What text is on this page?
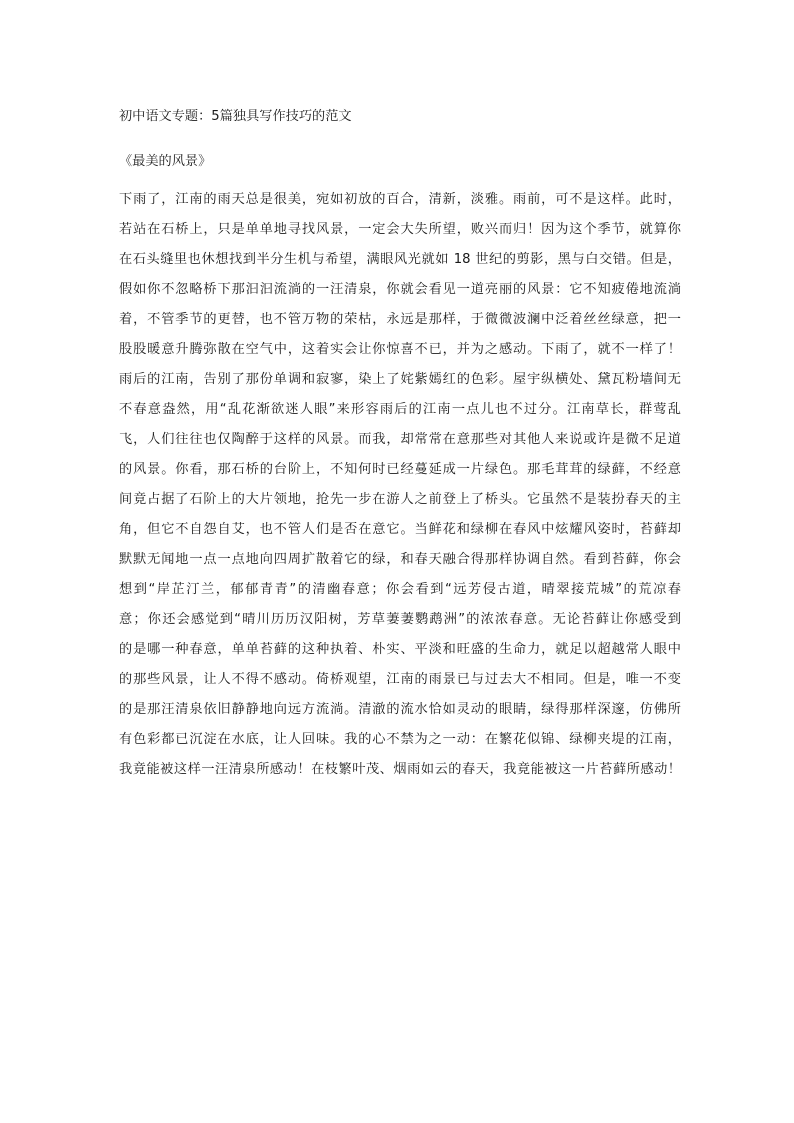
初中语文专题：5篇独具写作技巧的范文
《最美的风景》
下雨了，江南的雨天总是很美，宛如初放的百合，清新，淡雅。雨前，可不是这样。此时，
若站在石桥上，只是单单地寻找风景，一定会大失所望，败兴而归！因为这个季节，就算你
在石头缝里也休想找到半分生机与希望，满眼风光就如 18 世纪的剪影，黑与白交错。但是，
假如你不忽略桥下那汩汩流淌的一汪清泉，你就会看见一道亮丽的风景：它不知疲倦地流淌
着，不管季节的更替，也不管万物的荣枯，永远是那样，于微微波澜中泛着丝丝绿意，把一
股股暖意升腾弥散在空气中，这着实会让你惊喜不已，并为之感动。下雨了，就不一样了！
雨后的江南，告别了那份单调和寂寥，染上了姹紫嫣红的色彩。屋宇纵横处、黛瓦粉墙间无
不春意盎然，用“乱花渐欲迷人眼”来形容雨后的江南一点儿也不过分。江南草长，群莺乱
飞，人们往往也仅陶醉于这样的风景。而我，却常常在意那些对其他人来说或许是微不足道
的风景。你看，那石桥的台阶上，不知何时已经蔓延成一片绿色。那毛茸茸的绿藓，不经意
间竟占据了石阶上的大片领地，抢先一步在游人之前登上了桥头。它虽然不是装扮春天的主
角，但它不自怨自艾，也不管人们是否在意它。当鲜花和绿柳在春风中炫耀风姿时，苔藓却
默默无闻地一点一点地向四周扩散着它的绿，和春天融合得那样协调自然。看到苔藓，你会
想到“岸芷汀兰，郁郁青青”的清幽春意；你会看到“远芳侵古道，晴翠接荒城”的荒凉春
意；你还会感觉到“晴川历历汉阳树，芳草萋萋鹦鹉洲”的浓浓春意。无论苔藓让你感受到
的是哪一种春意，单单苔藓的这种执着、朴实、平淡和旺盛的生命力，就足以超越常人眼中
的那些风景，让人不得不感动。倚桥观望，江南的雨景已与过去大不相同。但是，唯一不变
的是那汪清泉依旧静静地向远方流淌。清澈的流水恰如灵动的眼睛，绿得那样深邃，仿佛所
有色彩都已沉淀在水底，让人回味。我的心不禁为之一动：在繁花似锦、绿柳夹堤的江南，
我竟能被这样一汪清泉所感动！在枝繁叶茂、烟雨如云的春天，我竟能被这一片苔藓所感动！
